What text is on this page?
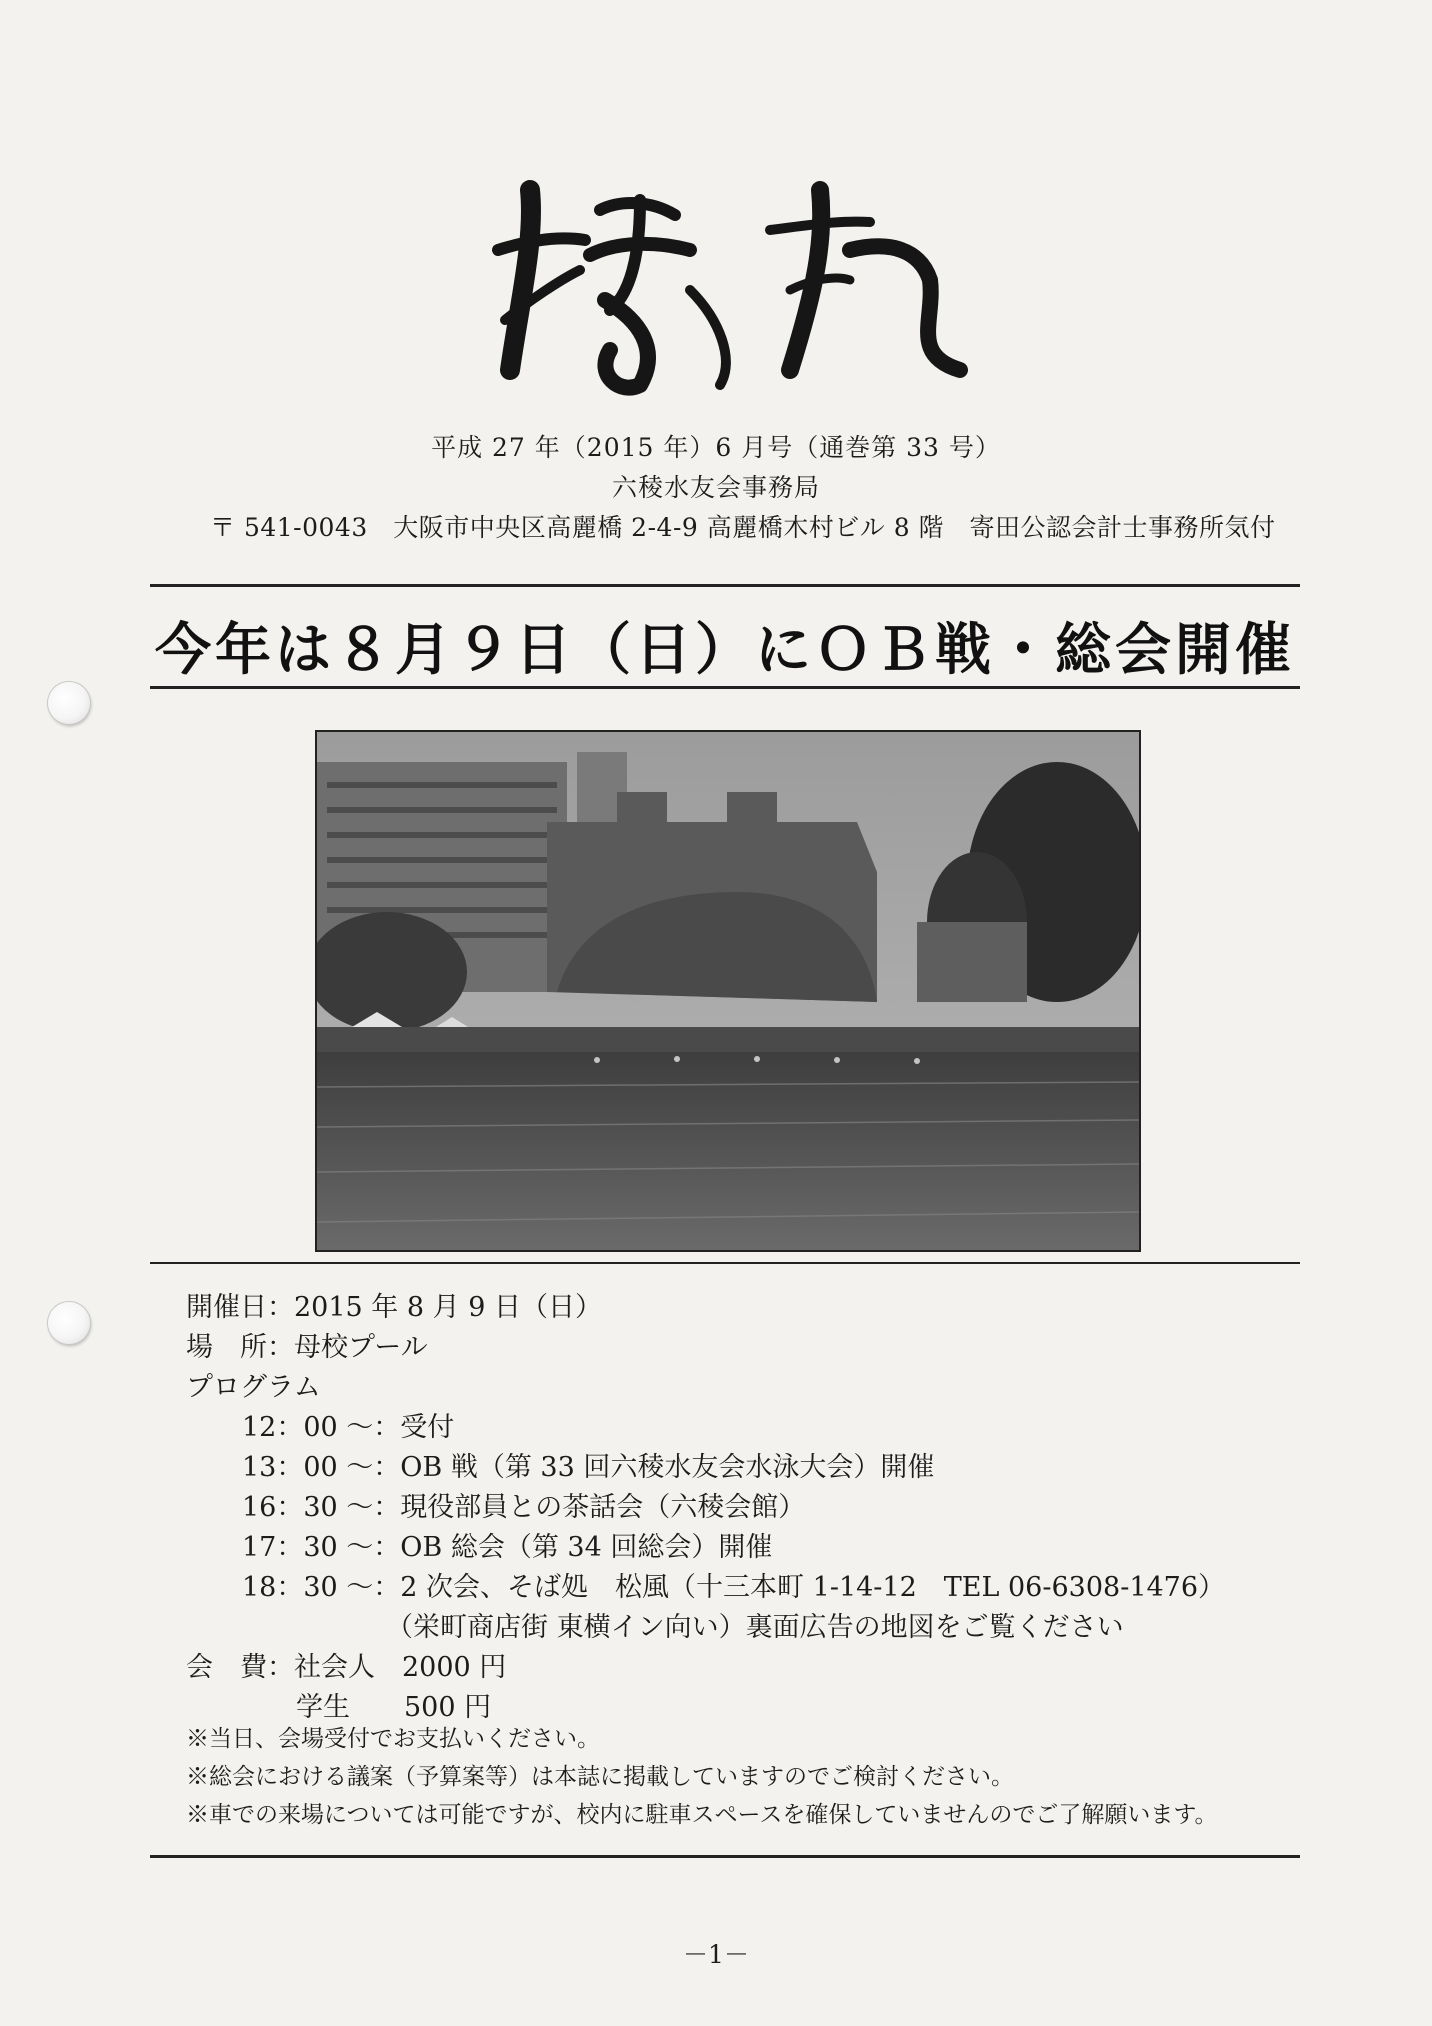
平成 27 年（2015 年）6 月号（通巻第 33 号）
六稜水友会事務局
〒 541-0043　大阪市中央区高麗橋 2-4-9 高麗橋木村ビル 8 階　寄田公認会計士事務所気付
今年は８月９日（日）にＯＢ戦・総会開催
開催日：2015 年 8 月 9 日（日）
場　所：母校プール
プログラム
12：00 ～：受付
13：00 ～：OB 戦（第 33 回六稜水友会水泳大会）開催
16：30 ～：現役部員との茶話会（六稜会館）
17：30 ～：OB 総会（第 34 回総会）開催
18：30 ～：2 次会、そば処　松風（十三本町 1-14-12　TEL 06-6308-1476）
（栄町商店街 東横イン向い）裏面広告の地図をご覧ください
会　費：社会人　2000 円
学生　　500 円
※当日、会場受付でお支払いください。
※総会における議案（予算案等）は本誌に掲載していますのでご検討ください。
※車での来場については可能ですが、校内に駐車スペースを確保していませんのでご了解願います。
－1－
